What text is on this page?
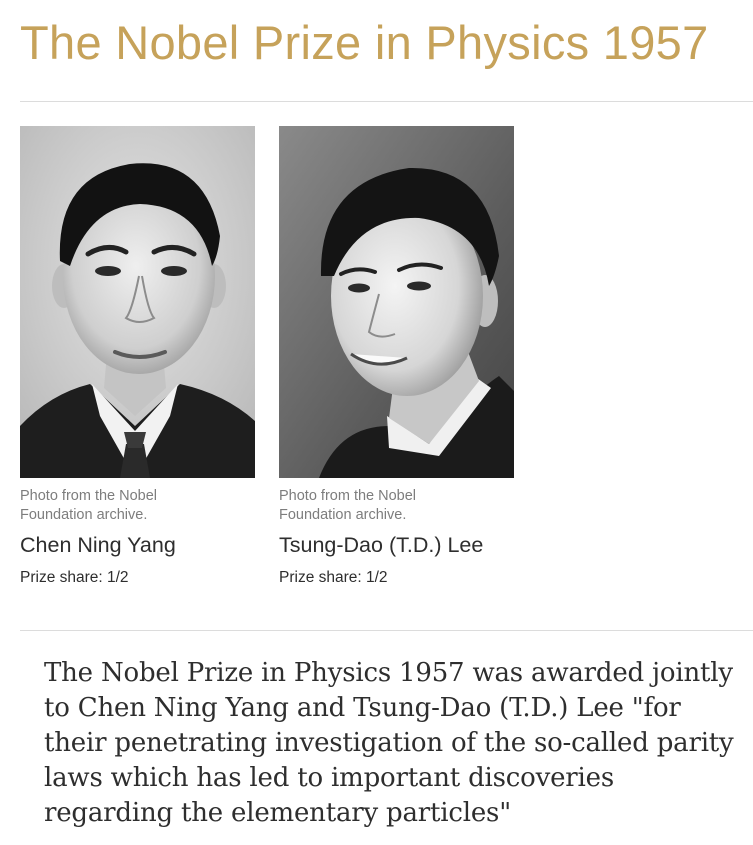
The Nobel Prize in Physics 1957

Photo from the Nobel Foundation archive.

Chen Ning Yang

Prize share: 1/2

Photo from the Nobel Foundation archive.

Tsung-Dao (T.D.) Lee

Prize share: 1/2

The Nobel Prize in Physics 1957 was awarded jointly to Chen Ning Yang and Tsung-Dao (T.D.) Lee "for their penetrating investigation of the so-called parity laws which has led to important discoveries regarding the elementary particles"
